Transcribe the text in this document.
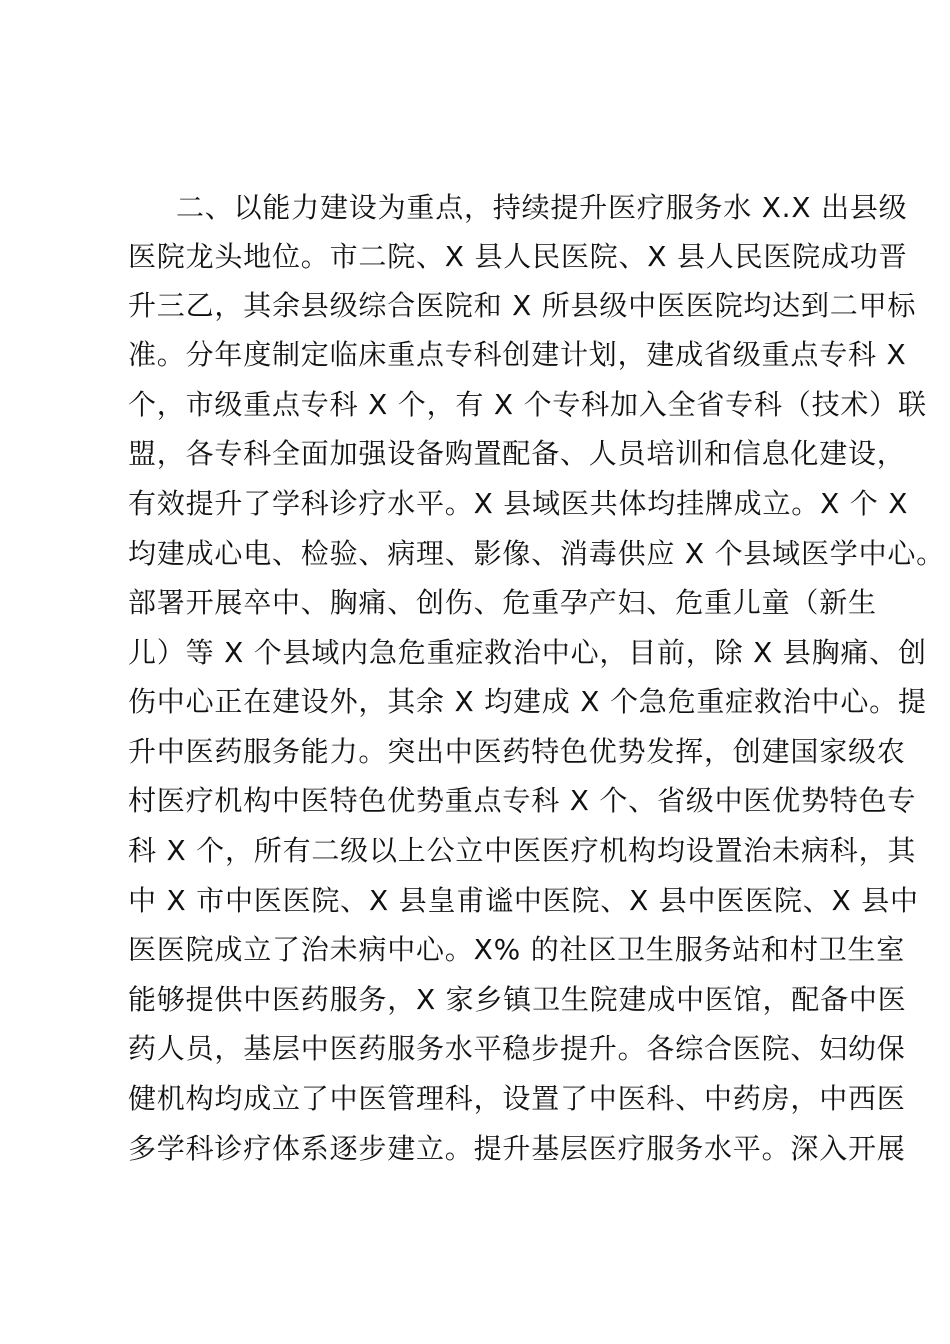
二、以能力建设为重点，持续提升医疗服务水 X.X 出县级
医院龙头地位。市二院、X 县人民医院、X 县人民医院成功晋
升三乙，其余县级综合医院和 X 所县级中医医院均达到二甲标
准。分年度制定临床重点专科创建计划，建成省级重点专科 X
个，市级重点专科 X 个，有 X 个专科加入全省专科（技术）联
盟，各专科全面加强设备购置配备、人员培训和信息化建设，
有效提升了学科诊疗水平。X 县域医共体均挂牌成立。X 个 X
均建成心电、检验、病理、影像、消毒供应 X 个县域医学中心。
部署开展卒中、胸痛、创伤、危重孕产妇、危重儿童（新生
儿）等 X 个县域内急危重症救治中心，目前，除 X 县胸痛、创
伤中心正在建设外，其余 X 均建成 X 个急危重症救治中心。提
升中医药服务能力。突出中医药特色优势发挥，创建国家级农
村医疗机构中医特色优势重点专科 X 个、省级中医优势特色专
科 X 个，所有二级以上公立中医医疗机构均设置治未病科，其
中 X 市中医医院、X 县皇甫谧中医院、X 县中医医院、X 县中
医医院成立了治未病中心。X% 的社区卫生服务站和村卫生室
能够提供中医药服务，X 家乡镇卫生院建成中医馆，配备中医
药人员，基层中医药服务水平稳步提升。各综合医院、妇幼保
健机构均成立了中医管理科，设置了中医科、中药房，中西医
多学科诊疗体系逐步建立。提升基层医疗服务水平。深入开展
